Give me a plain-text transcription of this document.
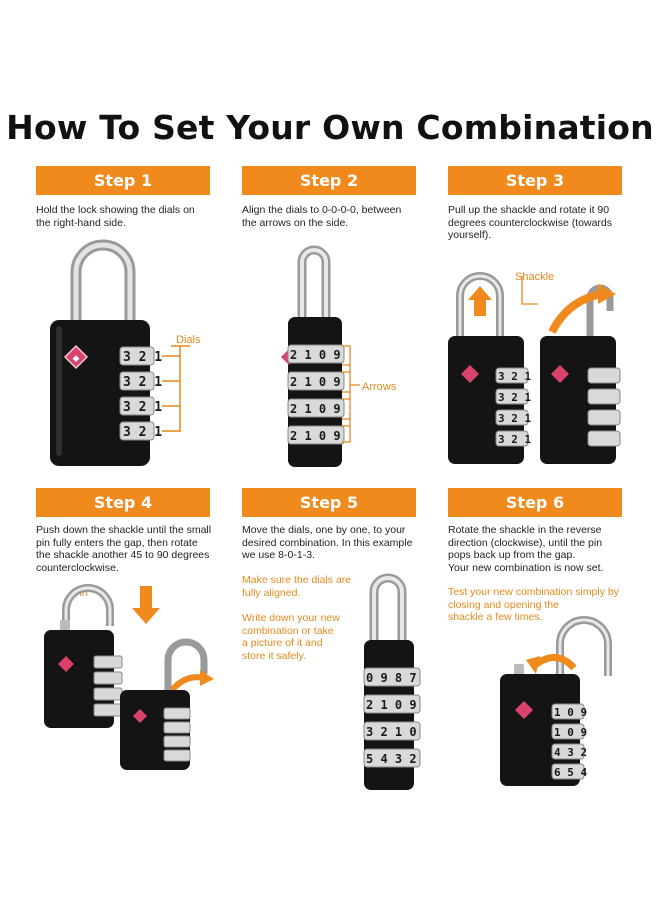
How To Set Your Own Combination
Step 1	Step 2	Step 3
Step 4	Step 5	Step 6
Hold the lock showing the dials on
the right-hand side.
Align the dials to 0-0-0-0, between
the arrows on the side.
Pull up the shackle and rotate it 90
degrees counterclockwise (towards
yourself).
Push down the shackle until the small
pin fully enters the gap, then rotate
the shackle another 45 to 90 degrees
counterclockwise.
Move the dials, one by one, to your
desired combination. In this example
we use 8-0-1-3.
Rotate the shackle in the reverse
direction (clockwise), until the pin
pops back up from the gap.
Your new combination is now set.
Make sure the dials are
fully aligned.
Write down your new
combination or take
a picture of it and
store it safely.
Test your new combination simply by
closing and opening the
shackle a few times.
Dials
Arrows
Shackle
Pin
◆	3 2 1
3 2 1
3 2 1
3 2 1
2 1 0 9
2 1 0 9
2 1 0 9
2 1 0 9
3 2 1
3 2 1
3 2 1
3 2 1
0 9 8 7
2 1 0 9
3 2 1 0
5 4 3 2
1 0 9
1 0 9
4 3 2
6 5 4
